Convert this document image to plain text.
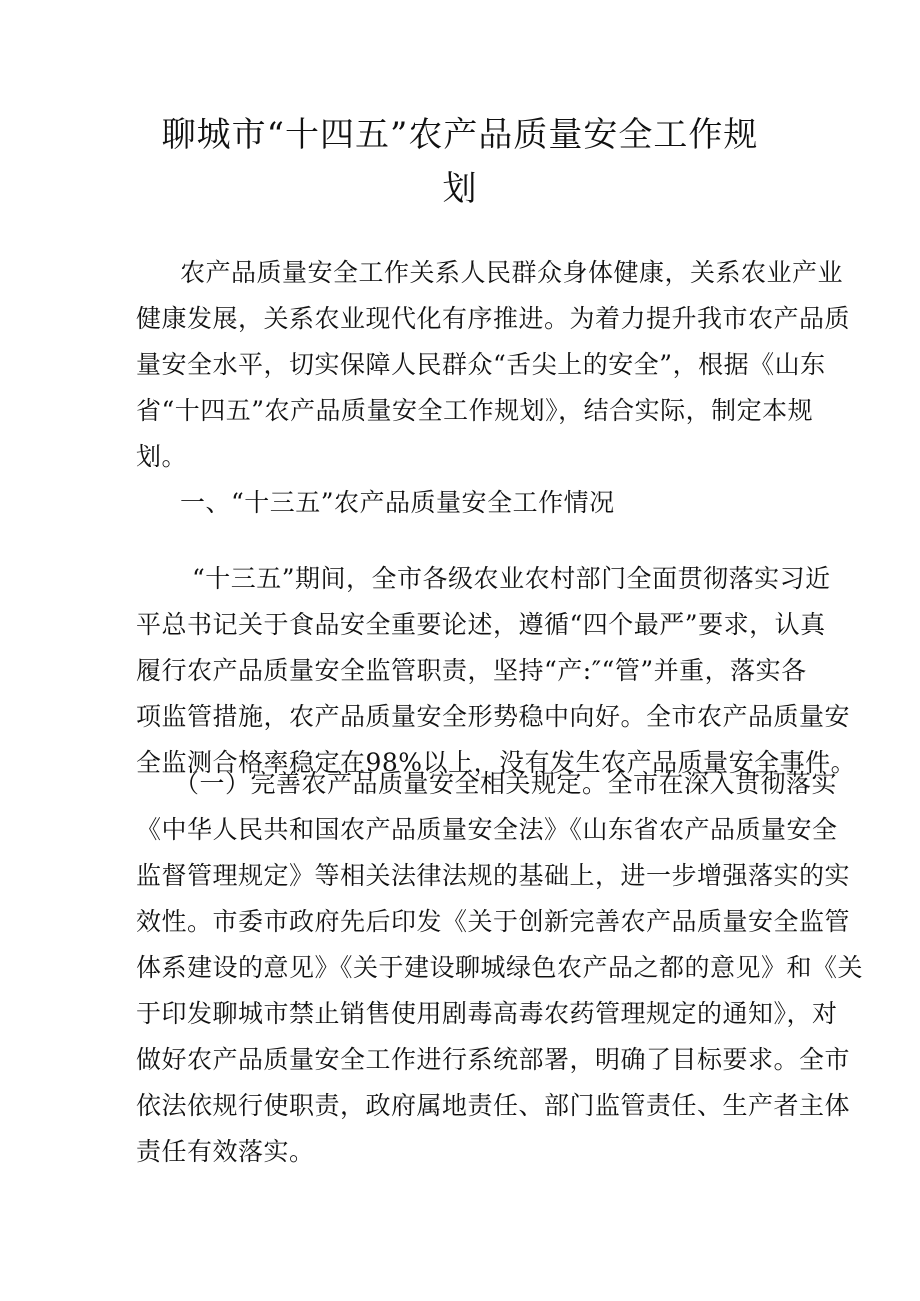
聊城市“十四五”农产品质量安全工作规
划
农产品质量安全工作关系人民群众身体健康，关系农业产业
健康发展，关系农业现代化有序推进。为着力提升我市农产品质
量安全水平，切实保障人民群众“舌尖上的安全”，根据《山东
省“十四五”农产品质量安全工作规划》，结合实际，制定本规
划。
一、“十三五”农产品质量安全工作情况
“十三五”期间，全市各级农业农村部门全面贯彻落实习近
平总书记关于食品安全重要论述，遵循“四个最严”要求，认真
履行农产品质量安全监管职责，坚持“产:″“管”并重，落实各
项监管措施，农产品质量安全形势稳中向好。全市农产品质量安
全监测合格率稳定在98%以上，没有发生农产品质量安全事件。
（一）完善农产品质量安全相关规定。全市在深入贯彻落实
《中华人民共和国农产品质量安全法》《山东省农产品质量安全
监督管理规定》等相关法律法规的基础上，进一步增强落实的实
效性。市委市政府先后印发《关于创新完善农产品质量安全监管
体系建设的意见》《关于建设聊城绿色农产品之都的意见》和《关
于印发聊城市禁止销售使用剧毒高毒农药管理规定的通知》，对
做好农产品质量安全工作进行系统部署，明确了目标要求。全市
依法依规行使职责，政府属地责任、部门监管责任、生产者主体
责任有效落实。
